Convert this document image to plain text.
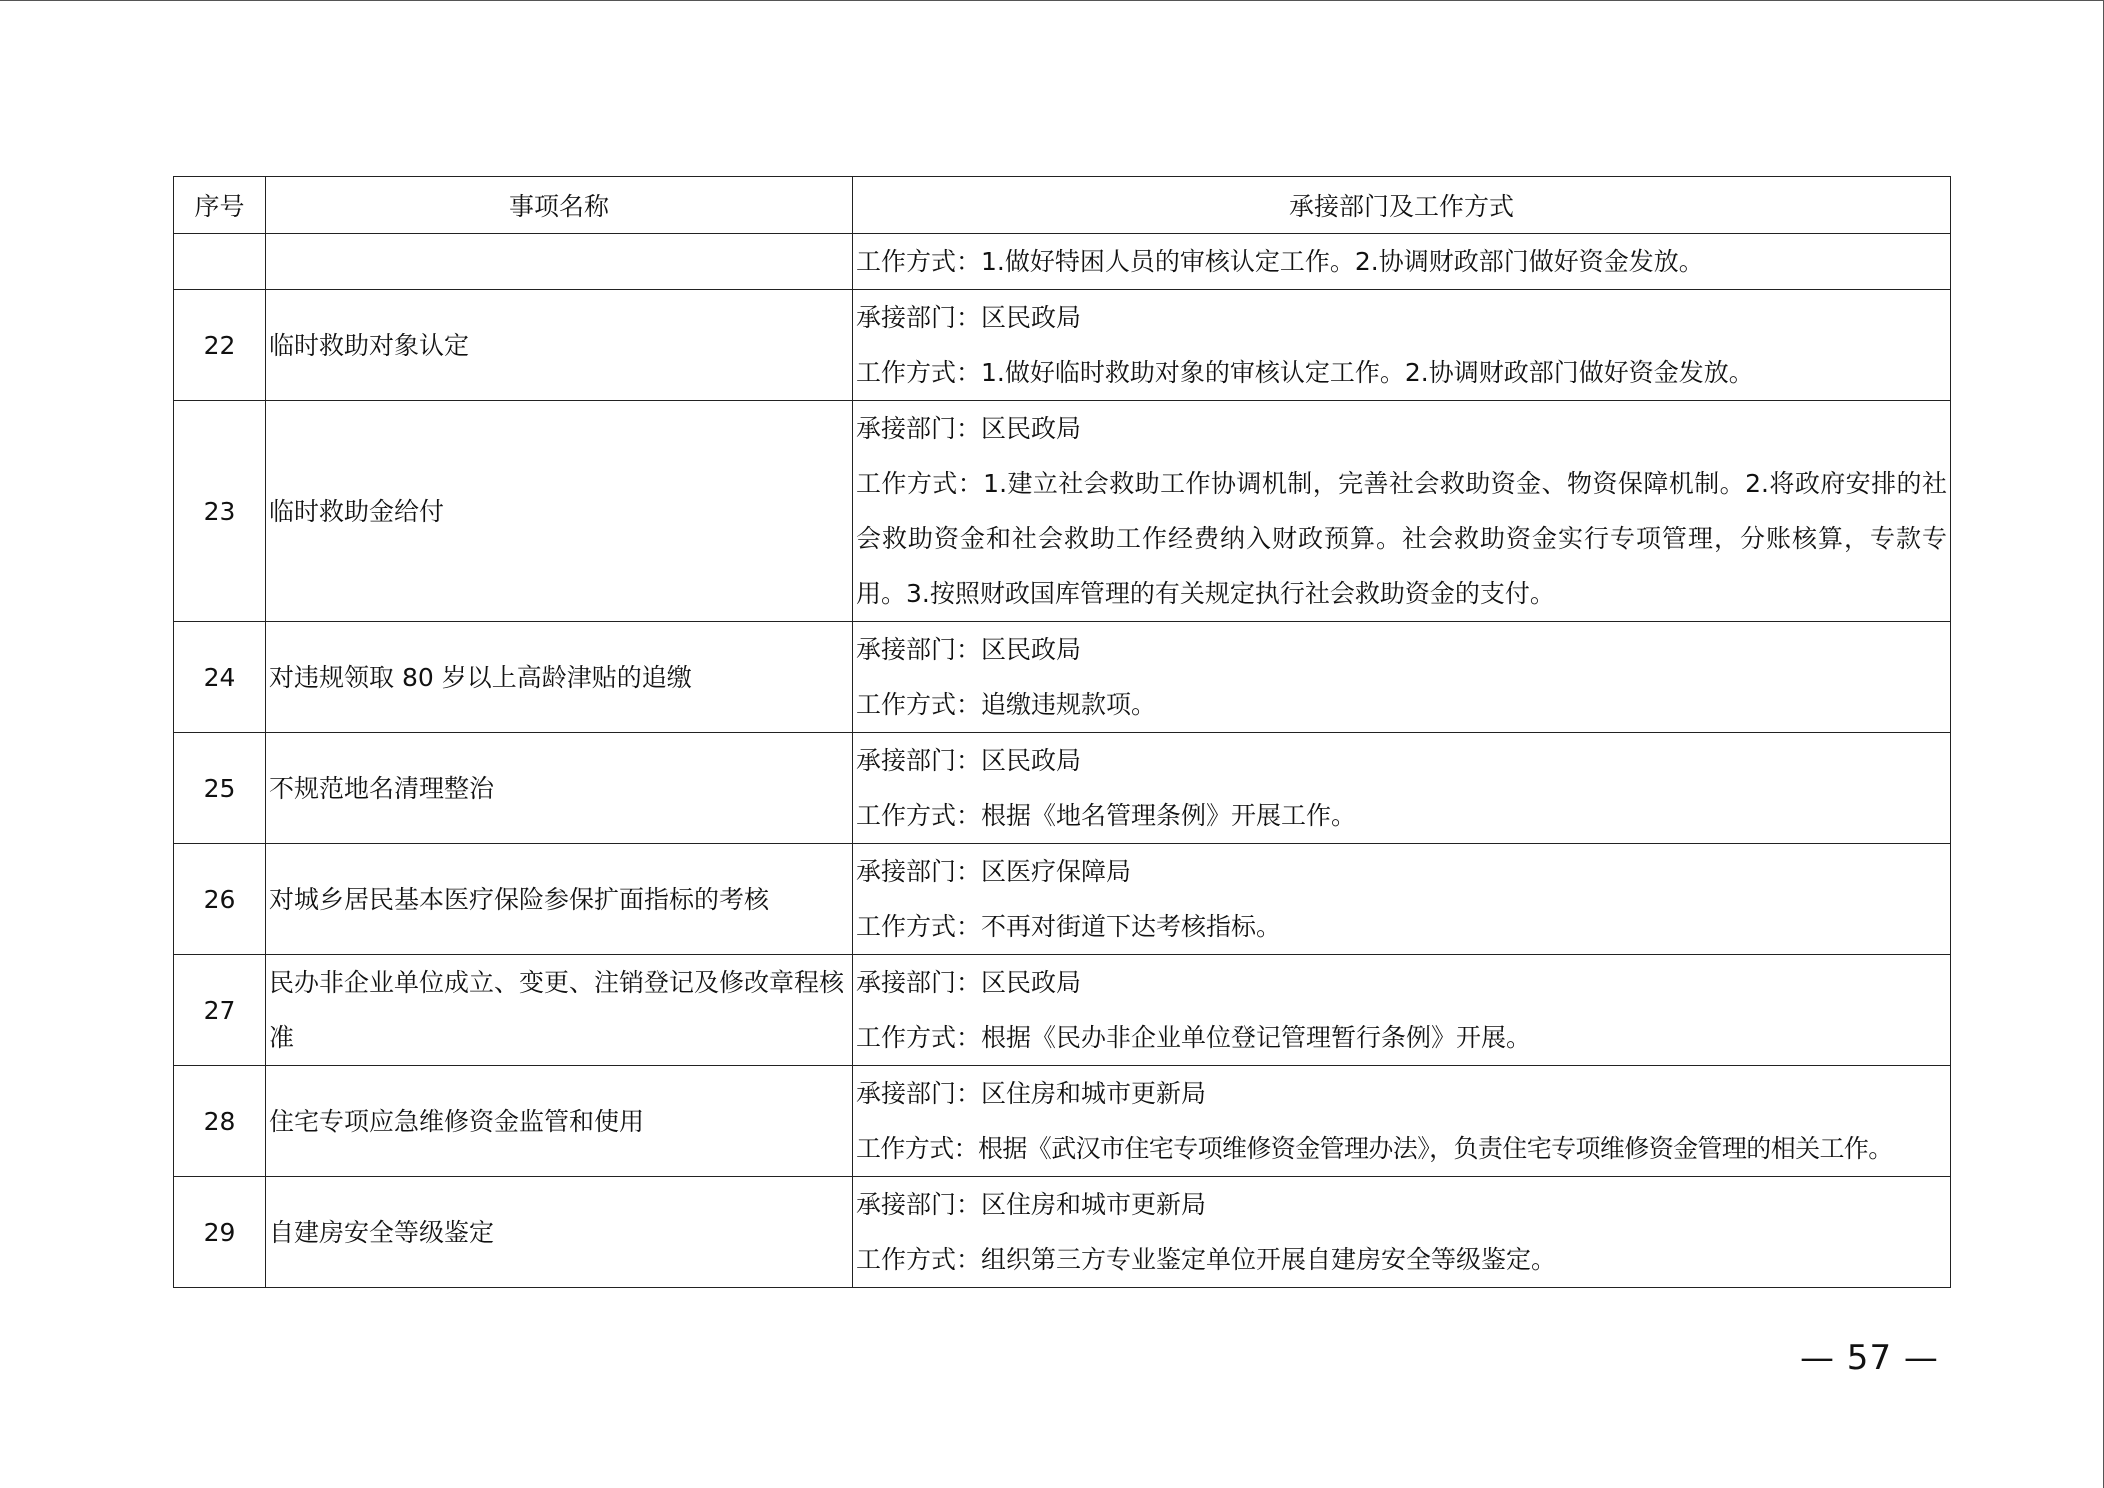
序号	事项名称	承接部门及工作方式

		工作方式：1.做好特困人员的审核认定工作。2.协调财政部门做好资金发放。

22	临时救助对象认定	承接部门：区民政局
工作方式：1.做好临时救助对象的审核认定工作。2.协调财政部门做好资金发放。

23	临时救助金给付	承接部门：区民政局
工作方式：1.建立社会救助工作协调机制，完善社会救助资金、物资保障机制。2.将政府安排的社会救助资金和社会救助工作经费纳入财政预算。社会救助资金实行专项管理，分账核算，专款专用。3.按照财政国库管理的有关规定执行社会救助资金的支付。

24	对违规领取 80 岁以上高龄津贴的追缴	承接部门：区民政局
工作方式：追缴违规款项。

25	不规范地名清理整治	承接部门：区民政局
工作方式：根据《地名管理条例》开展工作。

26	对城乡居民基本医疗保险参保扩面指标的考核	承接部门：区医疗保障局
工作方式：不再对街道下达考核指标。

27	民办非企业单位成立、变更、注销登记及修改章程核准	承接部门：区民政局
工作方式：根据《民办非企业单位登记管理暂行条例》开展。

28	住宅专项应急维修资金监管和使用	承接部门：区住房和城市更新局
工作方式：根据《武汉市住宅专项维修资金管理办法》，负责住宅专项维修资金管理的相关工作。

29	自建房安全等级鉴定	承接部门：区住房和城市更新局
工作方式：组织第三方专业鉴定单位开展自建房安全等级鉴定。
— 57 —
